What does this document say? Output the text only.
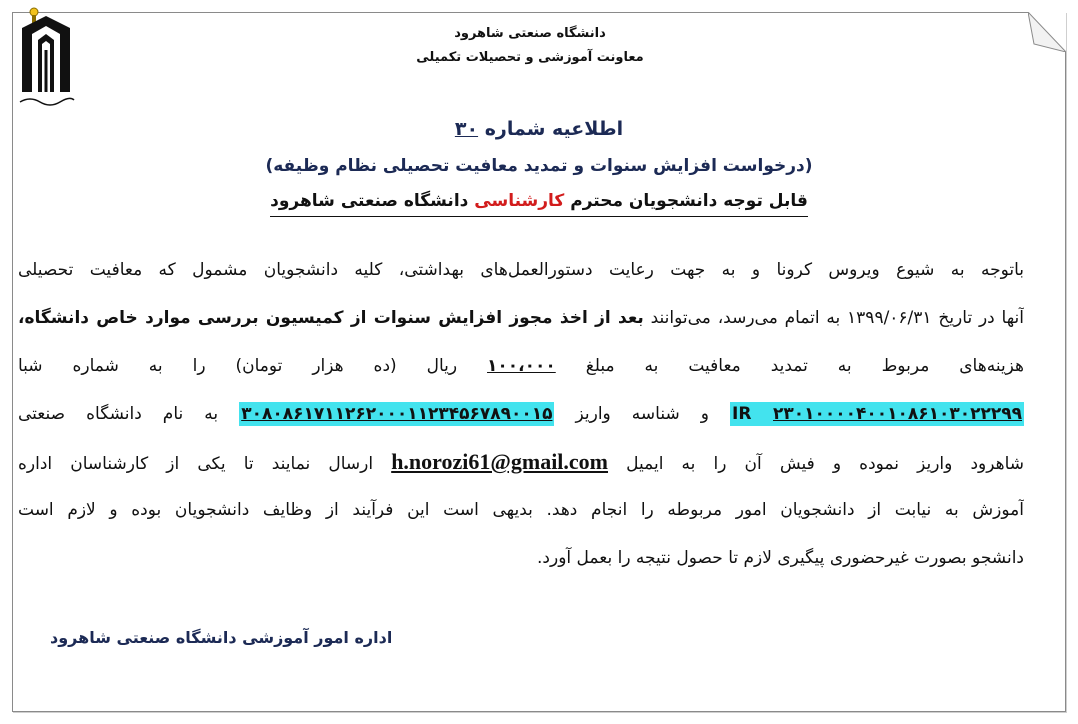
دانشگاه صنعتی شاهرود
معاونت آموزشی و تحصیلات تکمیلی
اطلاعیه شماره ۳۰
(درخواست افزایش سنوات و تمدید معافیت تحصیلی نظام وظیفه)
قابل توجه دانشجویان محترم کارشناسی دانشگاه صنعتی شاهرود
باتوجه به شیوع ویروس کرونا و به جهت رعایت دستورالعمل‌های بهداشتی، کلیه دانشجویان مشمول که معافیت تحصیلی
آنها در تاریخ ۱۳۹۹/۰۶/۳۱ به اتمام می‌رسد، می‌توانند بعد از اخذ مجوز افزایش سنوات از کمیسیون بررسی موارد خاص دانشگاه،
هزینه‌های مربوط به تمدید معافیت به مبلغ ۱۰۰،۰۰۰ ریال (ده هزار تومان) را به شماره شبا
IR ۲۳۰۱۰۰۰۰۴۰۰۱۰۸۶۱۰۳۰۲۲۲۹۹ و شناسه واریز ۳۰۸۰۸۶۱۷۱۱۲۶۲۰۰۰۱۱۲۳۴۵۶۷۸۹۰۰۱۵ به نام دانشگاه صنعتی
شاهرود واریز نموده و فیش آن را به ایمیل h.norozi61@gmail.com ارسال نمایند تا یکی از کارشناسان اداره
آموزش به نیابت از دانشجویان امور مربوطه را انجام دهد. بدیهی است این فرآیند از وظایف دانشجویان بوده و لازم است
دانشجو بصورت غیرحضوری پیگیری لازم تا حصول نتیجه را بعمل آورد.
اداره امور آموزشی دانشگاه صنعتی شاهرود
